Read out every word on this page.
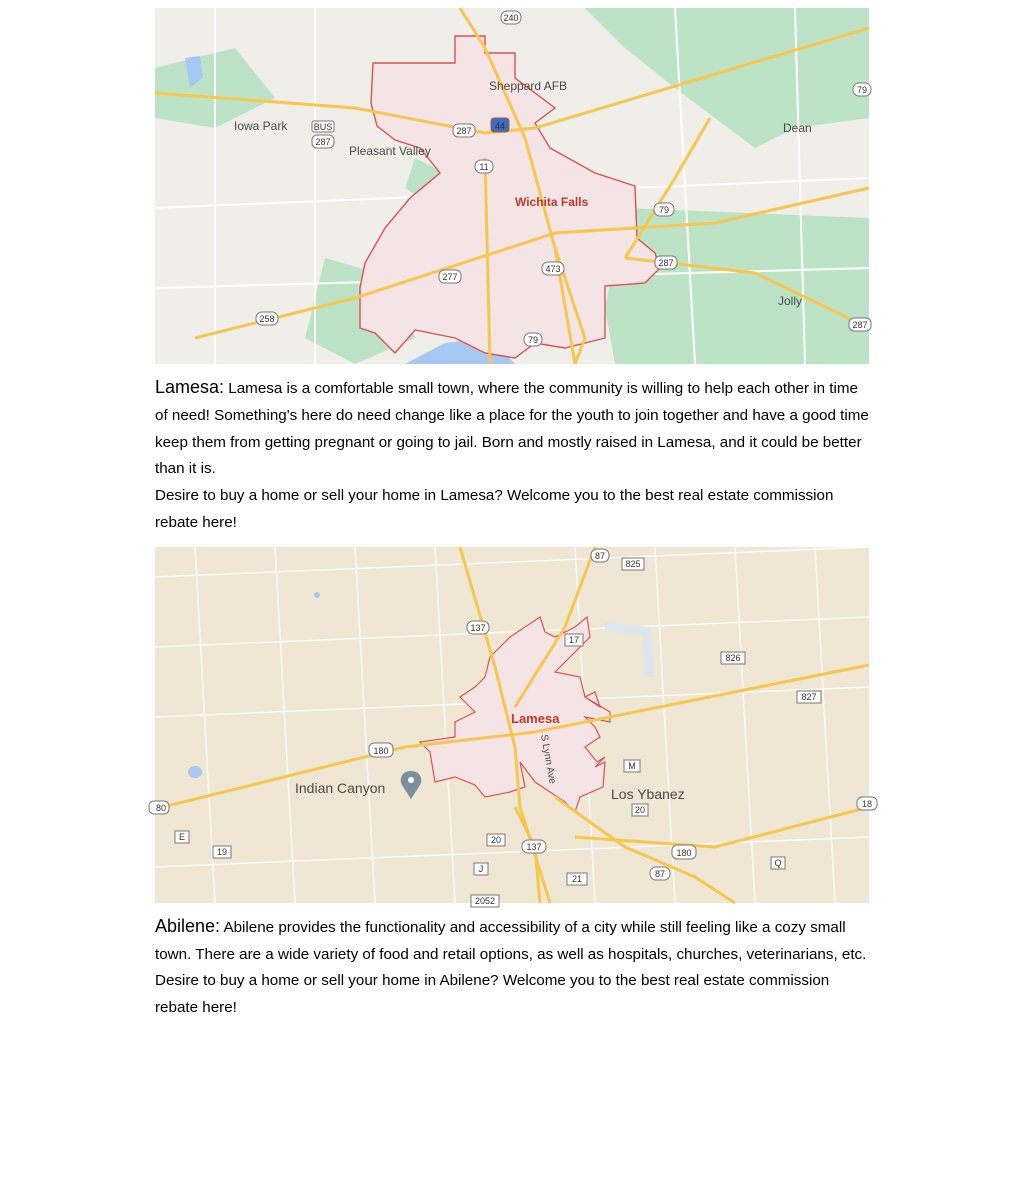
Sheppard AFB
Iowa Park
Pleasant Valley
Dean
Jolly
Wichita Falls
240
287	44
287
11
79
287
277
473
258
79
79
287
BUS

Lamesa: Lamesa is a comfortable small town, where the community is willing to help each other in time of need! Something's here do need change like a place for the youth to join together and have a good time keep them from getting pregnant or going to jail. Born and mostly raised in Lamesa, and it could be better than it is.

Desire to buy a home or sell your home in Lamesa? Welcome you to the best real estate commission rebate here!

Lamesa
S Lynn Ave
Indian Canyon	Los Ybanez
87
825
137
17
826
827
180
M
20
20
137
180
J
21	87
Q
19
E
80
2052
18

Abilene: Abilene provides the functionality and accessibility of a city while still feeling like a cozy small town. There are a wide variety of food and retail options, as well as hospitals, churches, veterinarians, etc.

Desire to buy a home or sell your home in Abilene? Welcome you to the best real estate commission rebate here!
